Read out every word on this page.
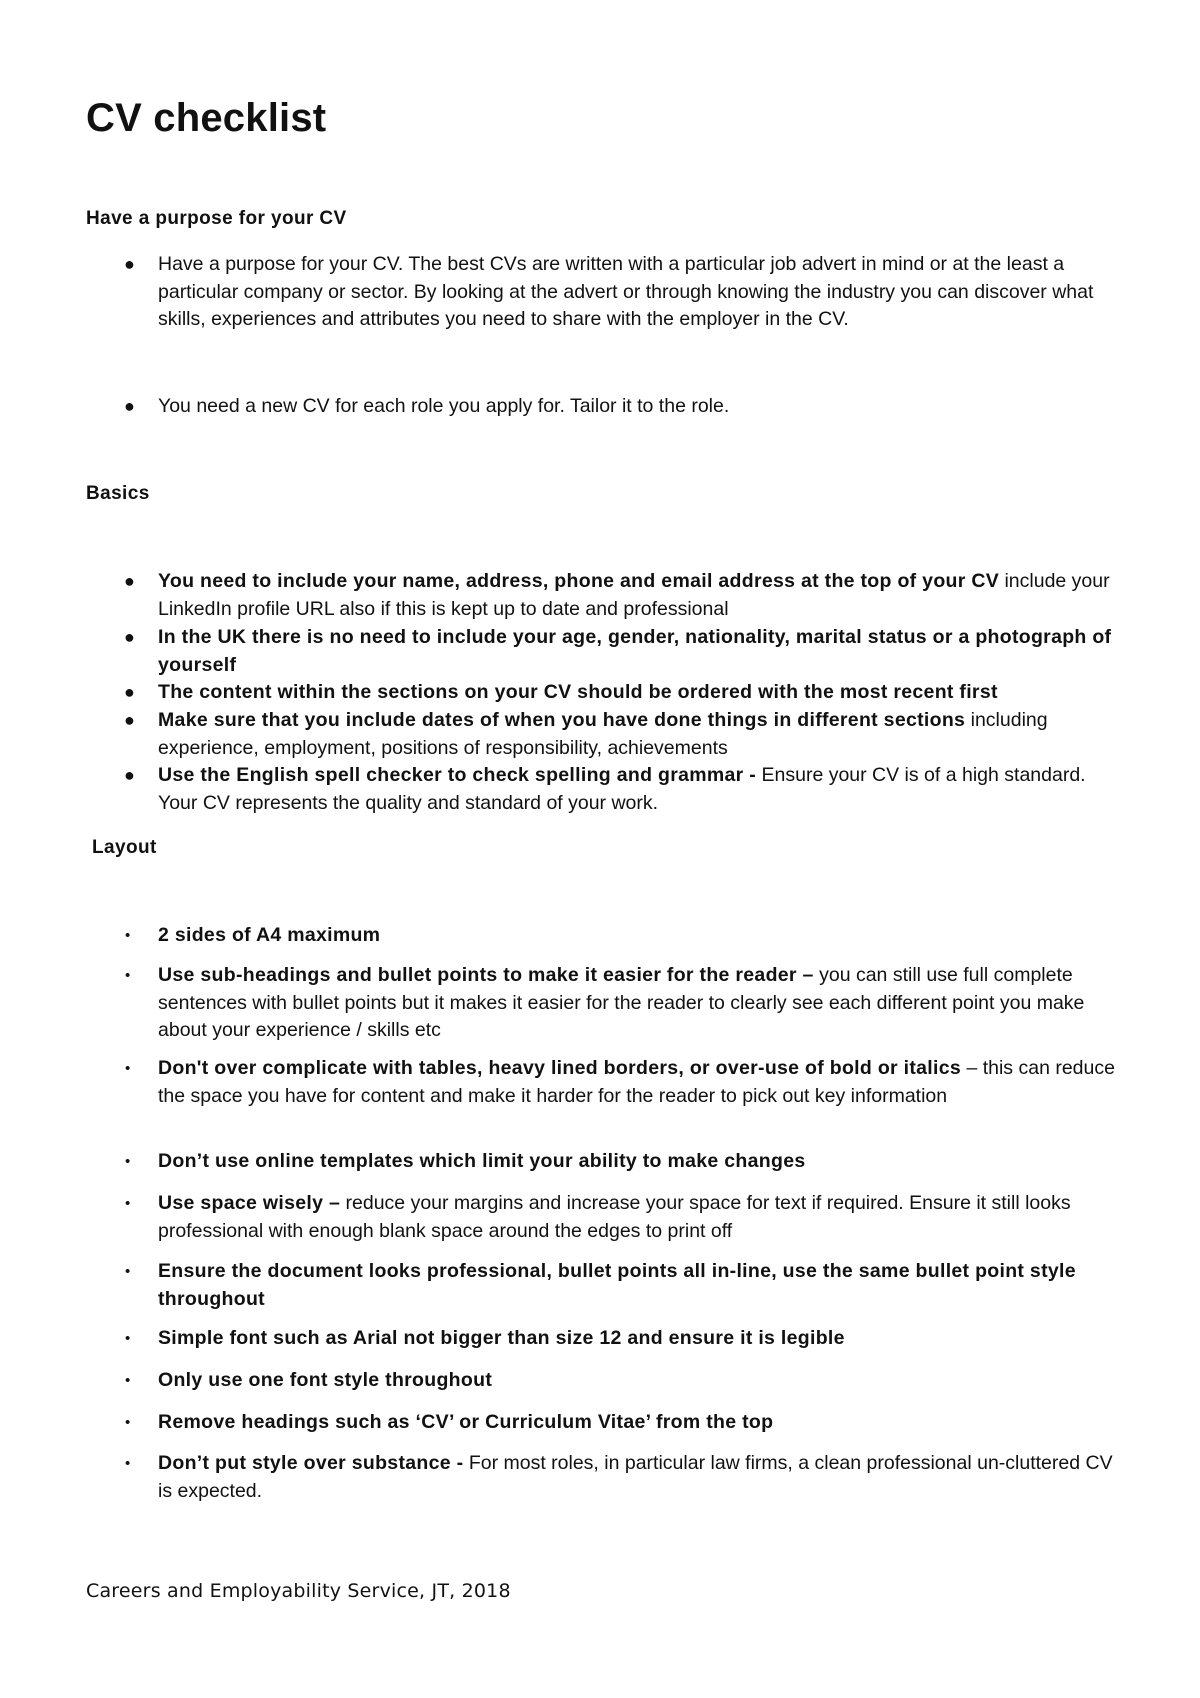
CV checklist
Have a purpose for your CV
● Have a purpose for your CV. The best CVs are written with a particular job advert in mind or at the least a particular company or sector. By looking at the advert or through knowing the industry you can discover what skills, experiences and attributes you need to share with the employer in the CV.
● You need a new CV for each role you apply for. Tailor it to the role.
Basics
● You need to include your name, address, phone and email address at the top of your CV include your LinkedIn profile URL also if this is kept up to date and professional
● In the UK there is no need to include your age, gender, nationality, marital status or a photograph of yourself
● The content within the sections on your CV should be ordered with the most recent first
● Make sure that you include dates of when you have done things in different sections including experience, employment, positions of responsibility, achievements
● Use the English spell checker to check spelling and grammar - Ensure your CV is of a high standard. Your CV represents the quality and standard of your work.
Layout
• 2 sides of A4 maximum
• Use sub-headings and bullet points to make it easier for the reader – you can still use full complete sentences with bullet points but it makes it easier for the reader to clearly see each different point you make about your experience / skills etc
• Don't over complicate with tables, heavy lined borders, or over-use of bold or italics – this can reduce the space you have for content and make it harder for the reader to pick out key information
• Don’t use online templates which limit your ability to make changes
• Use space wisely – reduce your margins and increase your space for text if required. Ensure it still looks professional with enough blank space around the edges to print off
• Ensure the document looks professional, bullet points all in-line, use the same bullet point style throughout
• Simple font such as Arial not bigger than size 12 and ensure it is legible
• Only use one font style throughout
• Remove headings such as ‘CV’ or Curriculum Vitae’ from the top
• Don’t put style over substance - For most roles, in particular law firms, a clean professional un-cluttered CV is expected.
Careers and Employability Service, JT, 2018
